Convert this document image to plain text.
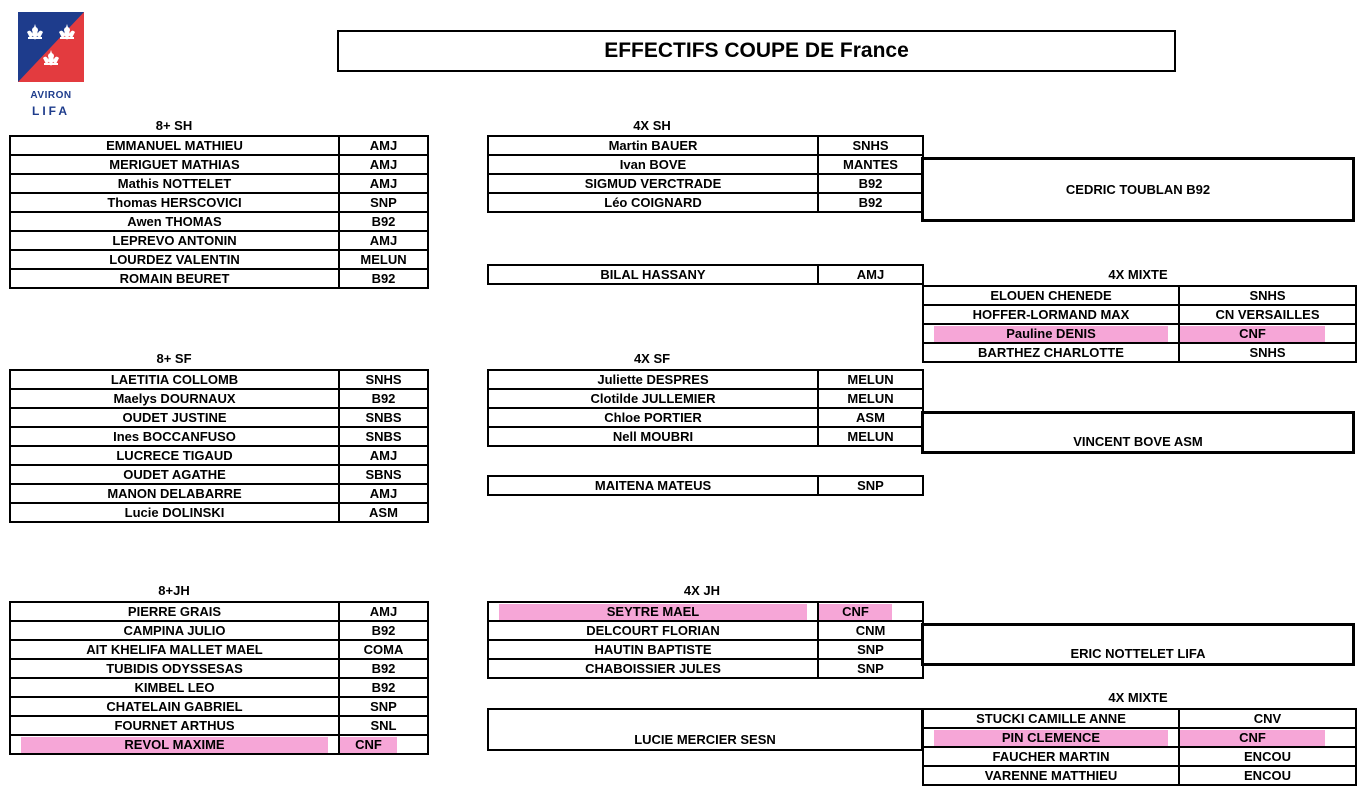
AVIRON
LIFA
EFFECTIFS COUPE DE France
8+ SH	4X SH
4X MIXTE
8+ SF	4X SF
8+JH	4X JH
4X MIXTE
EMMANUEL MATHIEU	AMJ
MERIGUET MATHIAS	AMJ
Mathis NOTTELET	AMJ
Thomas HERSCOVICI	SNP
Awen THOMAS	B92
LEPREVO ANTONIN	AMJ
LOURDEZ VALENTIN	MELUN
ROMAIN BEURET	B92
Martin BAUER	SNHS
Ivan BOVE	MANTES
SIGMUD VERCTRADE	B92
Léo COIGNARD	B92
ELOUEN CHENEDE	SNHS
HOFFER-LORMAND MAX	CN VERSAILLES

Pauline DENIS	CNF

BARTHEZ CHARLOTTE	SNHS
LAETITIA COLLOMB	SNHS
Maelys DOURNAUX	B92
OUDET JUSTINE	SNBS
Ines BOCCANFUSO	SNBS
LUCRECE TIGAUD	AMJ
OUDET AGATHE	SBNS
MANON DELABARRE	AMJ
Lucie DOLINSKI	ASM
Juliette DESPRES	MELUN
Clotilde JULLEMIER	MELUN
Chloe PORTIER	ASM
Nell MOUBRI	MELUN
PIERRE GRAIS	AMJ
CAMPINA JULIO	B92
AIT KHELIFA MALLET MAEL	COMA
TUBIDIS ODYSSESAS	B92
KIMBEL LEO	B92
CHATELAIN GABRIEL	SNP
FOURNET ARTHUS	SNL

REVOL MAXIME	CNF
SEYTRE MAEL	CNF

DELCOURT FLORIAN	CNM
HAUTIN BAPTISTE	SNP
CHABOISSIER JULES	SNP
STUCKI CAMILLE ANNE	CNV

PIN CLEMENCE	CNF

FAUCHER MARTIN	ENCOU
VARENNE MATTHIEU	ENCOU
BILAL HASSANY	AMJ
MAITENA MATEUS	SNP
CEDRIC TOUBLAN B92
VINCENT BOVE ASM
ERIC NOTTELET LIFA
LUCIE MERCIER SESN
